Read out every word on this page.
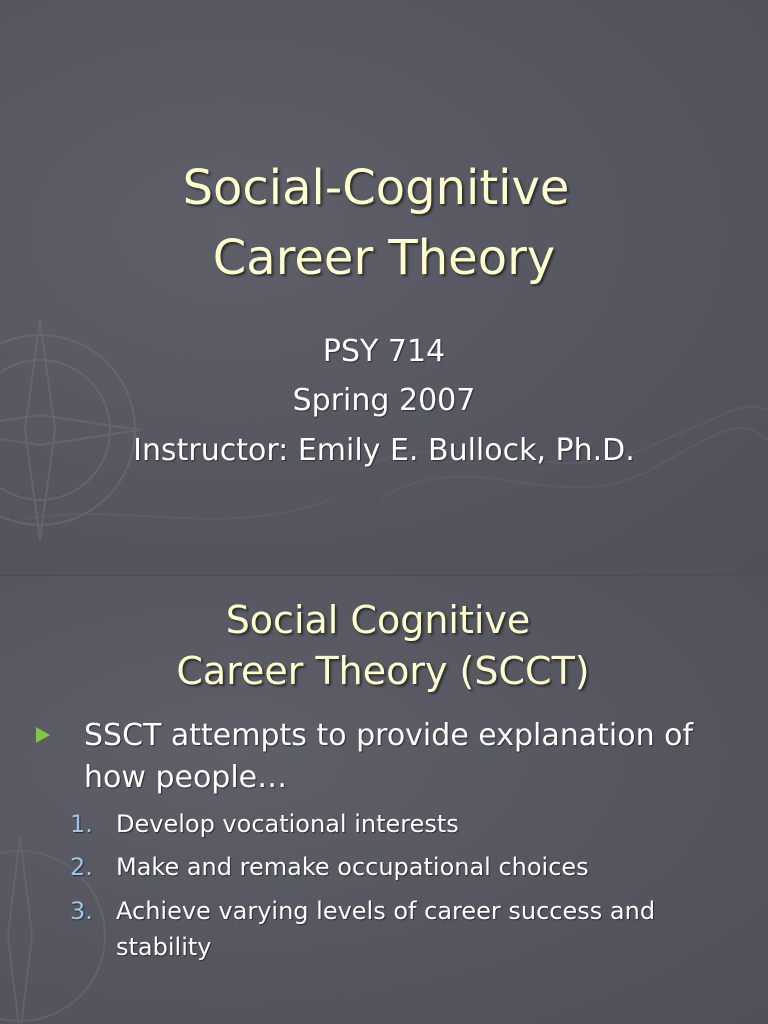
Social-Cognitive
Career Theory

PSY 714

Spring 2007

Instructor: Emily E. Bullock, Ph.D.

Social Cognitive
Career Theory (SCCT)
SSCT attempts to provide explanation of how people…
1. Develop vocational interests
2. Make and remake occupational choices
3. Achieve varying levels of career success and stability
